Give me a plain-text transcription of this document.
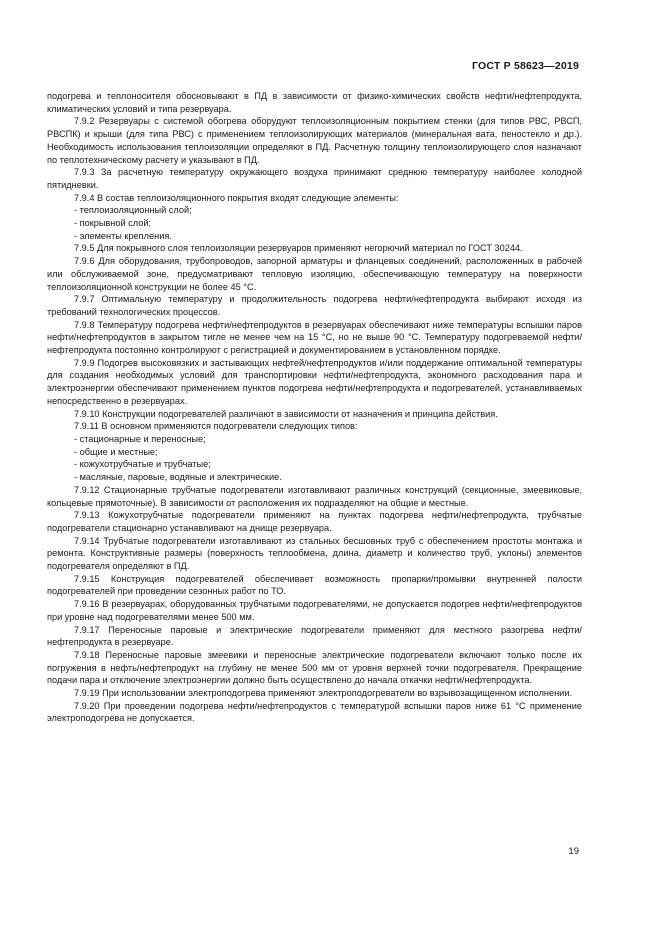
ГОСТ Р 58623—2019

подогрева и теплоносителя обосновывают в ПД в зависимости от физико-химических свойств нефти/нефтепродукта, климатических условий и типа резервуара.

7.9.2 Резервуары с системой обогрева оборудуют теплоизоляционным покрытием стенки (для типов РВС, РВСП, РВСПК) и крыши (для типа РВС) с применением теплоизолирующих материалов (минеральная вата, пеностекло и др.). Необходимость использования теплоизоляции определяют в ПД. Расчетную толщину теплоизолирующего слоя назначают по теплотехническому расчету и указывают в ПД.

7.9.3 За расчетную температуру окружающего воздуха принимают среднюю температуру наиболее холодной пятидневки.

7.9.4 В состав теплоизоляционного покрытия входят следующие элементы:

- теплоизоляционный слой;

- покрывной слой;

- элементы крепления.

7.9.5 Для покрывного слоя теплоизоляции резервуаров применяют негорючий материал по ГОСТ 30244.

7.9.6 Для оборудования, трубопроводов, запорной арматуры и фланцевых соединений, расположенных в рабочей или обслуживаемой зоне, предусматривают тепловую изоляцию, обеспечивающую температуру на поверхности теплоизоляционной конструкции не более 45 °С.

7.9.7 Оптимальную температуру и продолжительность подогрева нефти/нефтепродукта выбирают исходя из требований технологических процессов.

7.9.8 Температуру подогрева нефти/нефтепродуктов в резервуарах обеспечивают ниже температуры вспышки паров нефти/нефтепродуктов в закрытом тигле не менее чем на 15 °С, но не выше 90 °С. Температуру подогреваемой нефти/нефтепродукта постоянно контролируют с регистрацией и документированием в установленном порядке.

7.9.9 Подогрев высоковязких и застывающих нефтей/нефтепродуктов и/или поддержание оптимальной температуры для создания необходимых условий для транспортировки нефти/нефтепродукта, экономного расходования пара и электроэнергии обеспечивают применением пунктов подогрева нефти/нефтепродукта и подогревателей, устанавливаемых непосредственно в резервуарах.

7.9.10 Конструкции подогревателей различают в зависимости от назначения и принципа действия.

7.9.11 В основном применяются подогреватели следующих типов:

- стационарные и переносные;

- общие и местные;

- кожухотрубчатые и трубчатые;

- масляные, паровые, водяные и электрические.

7.9.12 Стационарные трубчатые подогреватели изготавливают различных конструкций (секционные, змеевиковые, кольцевые прямоточные). В зависимости от расположения их подразделяют на общие и местные.

7.9.13 Кожухотрубчатые подогреватели применяют на пунктах подогрева нефти/нефтепродукта, трубчатые подогреватели стационарно устанавливают на днище резервуара.

7.9.14 Трубчатые подогреватели изготавливают из стальных бесшовных труб с обеспечением простоты монтажа и ремонта. Конструктивные размеры (поверхность теплообмена, длина, диаметр и количество труб, уклоны) элементов подогревателя определяют в ПД.

7.9.15 Конструкция подогревателей обеспечивает возможность пропарки/промывки внутренней полости подогревателей при проведении сезонных работ по ТО.

7.9.16 В резервуарах, оборудованных трубчатыми подогревателями, не допускается подогрев нефти/нефтепродуктов при уровне над подогревателями менее 500 мм.

7.9.17 Переносные паровые и электрические подогреватели применяют для местного разогрева нефти/нефтепродукта в резервуаре.

7.9.18 Переносные паровые змеевики и переносные электрические подогреватели включают только после их погружения в нефть/нефтепродукт на глубину не менее 500 мм от уровня верхней точки подогревателя. Прекращение подачи пара и отключение электроэнергии должно быть осуществлено до начала откачки нефти/нефтепродукта.

7.9.19 При использовании электроподогрева применяют электроподогреватели во взрывозащищенном исполнении.

7.9.20 При проведении подогрева нефти/нефтепродуктов с температурой вспышки паров ниже 61 °С применение электроподогрева не допускается.

19
